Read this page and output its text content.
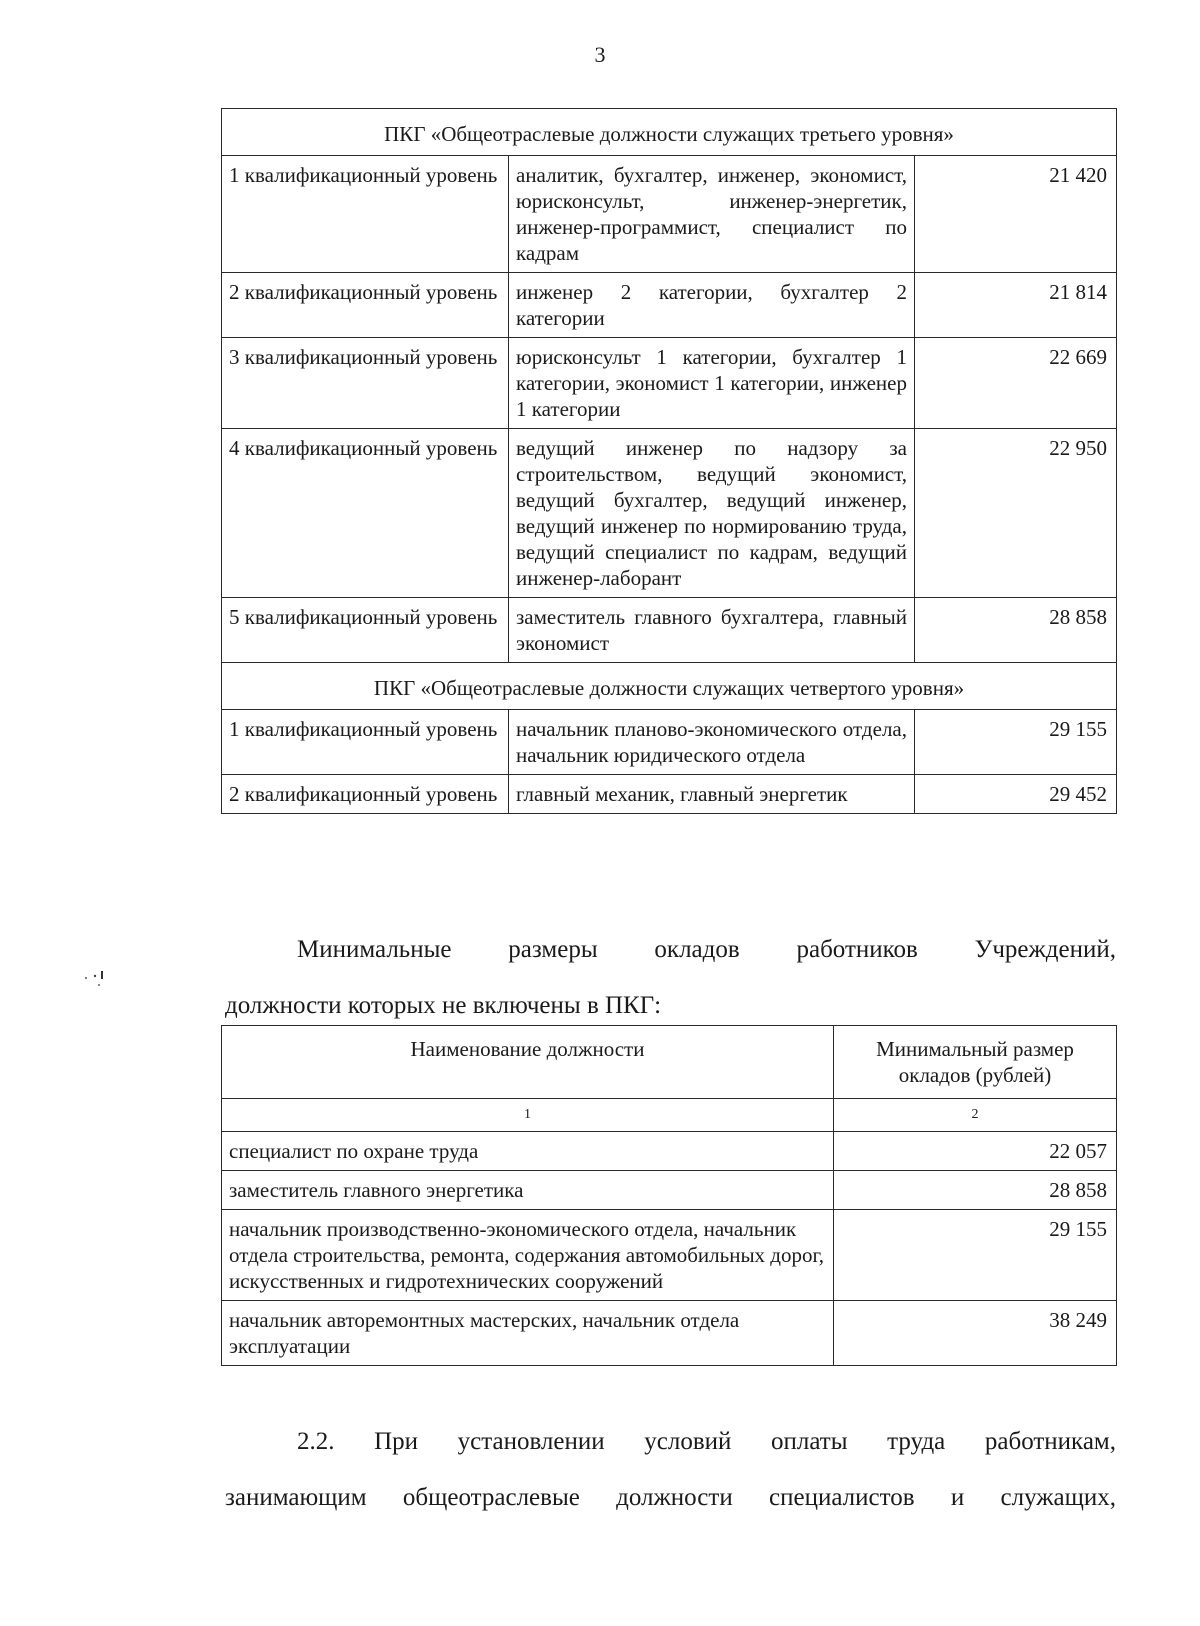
3
ПКГ «Общеотраслевые должности служащих третьего уровня»		
1 квалификационный уровень	аналитик, бухгалтер, инженер, экономист, юрисконсульт, инженер-энергетик, инженер-программист, специалист по кадрам	21 420
2 квалификационный уровень	инженер 2 категории, бухгалтер 2 категории	21 814
3 квалификационный уровень	юрисконсульт 1 категории, бухгалтер 1 категории, экономист 1 категории, инженер 1 категории	22 669
4 квалификационный уровень	ведущий инженер по надзору за строительством, ведущий экономист, ведущий бухгалтер, ведущий инженер, ведущий инженер по нормированию труда, ведущий специалист по кадрам, ведущий инженер-лаборант	22 950
5 квалификационный уровень	заместитель главного бухгалтера, главный экономист	28 858
ПКГ «Общеотраслевые должности служащих четвертого уровня»		
1 квалификационный уровень	начальник планово-экономического отдела, начальник юридического отдела	29 155
2 квалификационный уровень	главный механик, главный энергетик	29 452
Минимальные размеры окладов работников Учреждений,
должности которых не включены в ПКГ:
Наименование должности	Минимальный размер окладов (рублей)
1	2
специалист по охране труда	22 057
заместитель главного энергетика	28 858
начальник производственно-экономического отдела, начальник отдела строительства, ремонта, содержания автомобильных дорог, искусственных и гидротехнических сооружений	29 155
начальник авторемонтных мастерских, начальник отдела эксплуатации	38 249
2.2. При установлении условий оплаты труда работникам,
занимающим общеотраслевые должности специалистов и служащих,
